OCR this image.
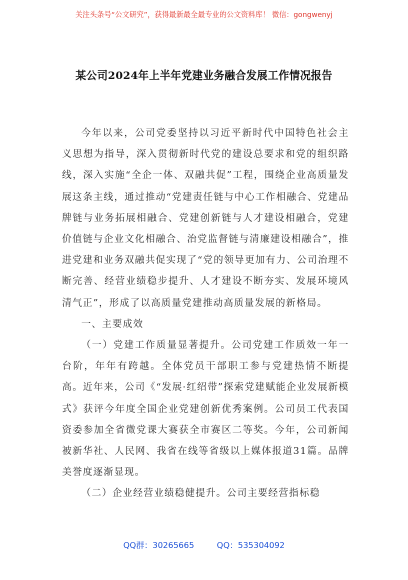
关注头条号“公文研究”，获得最新最全最专业的公文资料库！ 微信：gongwenyj
某公司2024年上半年党建业务融合发展工作情况报告

今年以来，公司党委坚持以习近平新时代中国特色社会主义思想为指导，深入贯彻新时代党的建设总要求和党的组织路线，深入实施“全企一体、双融共促”工程，围绕企业高质量发展这条主线，通过推动“党建责任链与中心工作相融合、党建品牌链与业务拓展相融合、党建创新链与人才建设相融合，党建价值链与企业文化相融合、治党监督链与清廉建设相融合”，推进党建和业务双融共促实现了“党的领导更加有力、公司治理不断完善、经营业绩稳步提升、人才建设不断夯实、发展环境风清气正”，形成了以高质量党建推动高质量发展的新格局。

一、主要成效

（一）党建工作质量显著提升。公司党建工作质效一年一台阶，年年有跨越。全体党员干部职工参与党建热情不断提高。近年来，公司《“发展·红绍带”探索党建赋能企业发展新模式》获评今年度全国企业党建创新优秀案例。公司员工代表国资委参加全省微党课大赛获全市赛区二等奖。今年，公司新闻被新华社、人民网、我省在线等省级以上媒体报道31篇。品牌美誉度逐渐显现。

（二）企业经营业绩稳健提升。公司主要经营指标稳

QQ群：30265665	QQ：535304092
